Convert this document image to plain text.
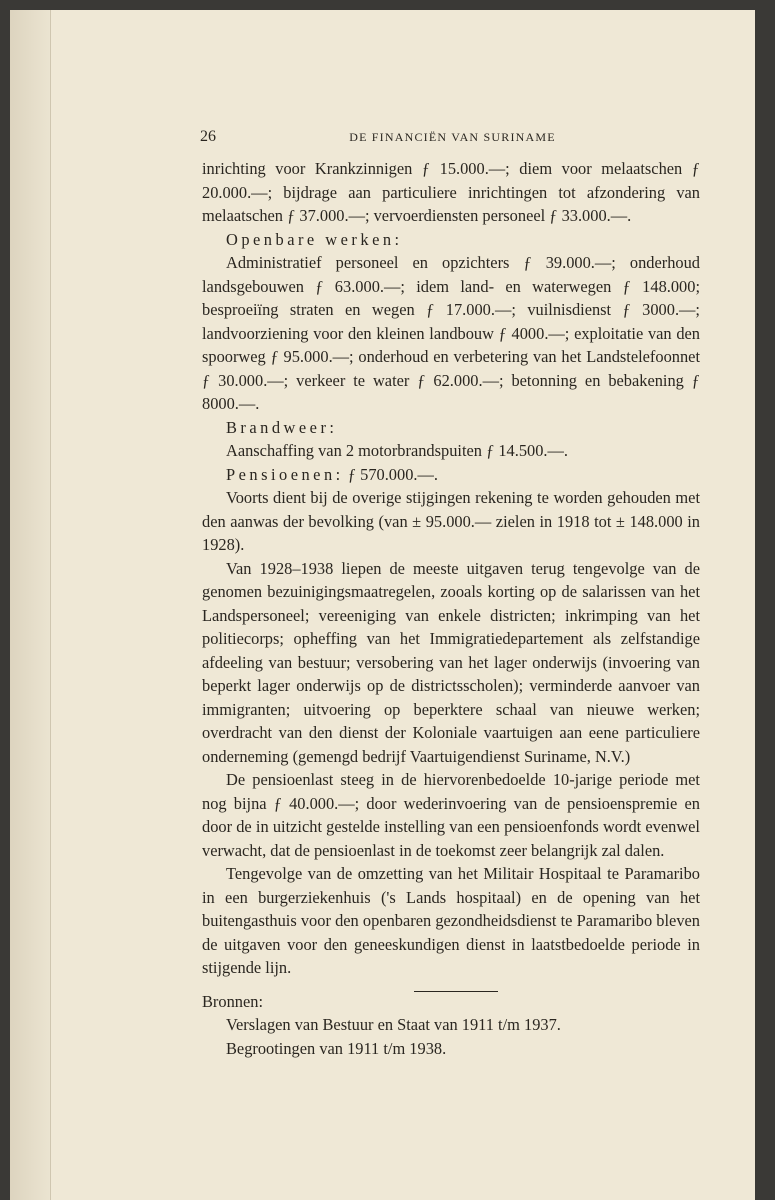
26	DE FINANCIËN VAN SURINAME

inrichting voor Krankzinnigen ƒ 15.000.—; diem voor melaatschen ƒ 20.000.—; bijdrage aan particuliere inrichtingen tot afzondering van melaatschen ƒ 37.000.—; vervoerdiensten personeel ƒ 33.000.—.

Openbare werken:

Administratief personeel en opzichters ƒ 39.000.—; onderhoud landsgebouwen ƒ 63.000.—; idem land- en waterwegen ƒ 148.000; besproeiïng straten en wegen ƒ 17.000.—; vuilnisdienst ƒ 3000.—; landvoorziening voor den kleinen landbouw ƒ 4000.—; exploitatie van den spoorweg ƒ 95.000.—; onderhoud en verbetering van het Landstelefoonnet ƒ 30.000.—; verkeer te water ƒ 62.000.—; betonning en bebakening ƒ 8000.—.

Brandweer:

Aanschaffing van 2 motorbrandspuiten ƒ 14.500.—.

Pensioenen: ƒ 570.000.—.

Voorts dient bij de overige stijgingen rekening te worden gehouden met den aanwas der bevolking (van ± 95.000.— zielen in 1918 tot ± 148.000 in 1928).

Van 1928–1938 liepen de meeste uitgaven terug tengevolge van de genomen bezuinigingsmaatregelen, zooals korting op de salarissen van het Landspersoneel; vereeniging van enkele districten; inkrimping van het politiecorps; opheffing van het Immigratiedepartement als zelfstandige afdeeling van bestuur; versobering van het lager onderwijs (invoering van beperkt lager onderwijs op de districtsscholen); verminderde aanvoer van immigranten; uitvoering op beperktere schaal van nieuwe werken; overdracht van den dienst der Koloniale vaartuigen aan eene particuliere onderneming (gemengd bedrijf Vaartuigendienst Suriname, N.V.)

De pensioenlast steeg in de hiervorenbedoelde 10-jarige periode met nog bijna ƒ 40.000.—; door wederinvoering van de pensioenspremie en door de in uitzicht gestelde instelling van een pensioenfonds wordt evenwel verwacht, dat de pensioenlast in de toekomst zeer belangrijk zal dalen.

Tengevolge van de omzetting van het Militair Hospitaal te Paramaribo in een burgerziekenhuis ('s Lands hospitaal) en de opening van het buitengasthuis voor den openbaren gezondheidsdienst te Paramaribo bleven de uitgaven voor den geneeskundigen dienst in laatstbedoelde periode in stijgende lijn.

Bronnen:

Verslagen van Bestuur en Staat van 1911 t/m 1937.

Begrootingen van 1911 t/m 1938.
